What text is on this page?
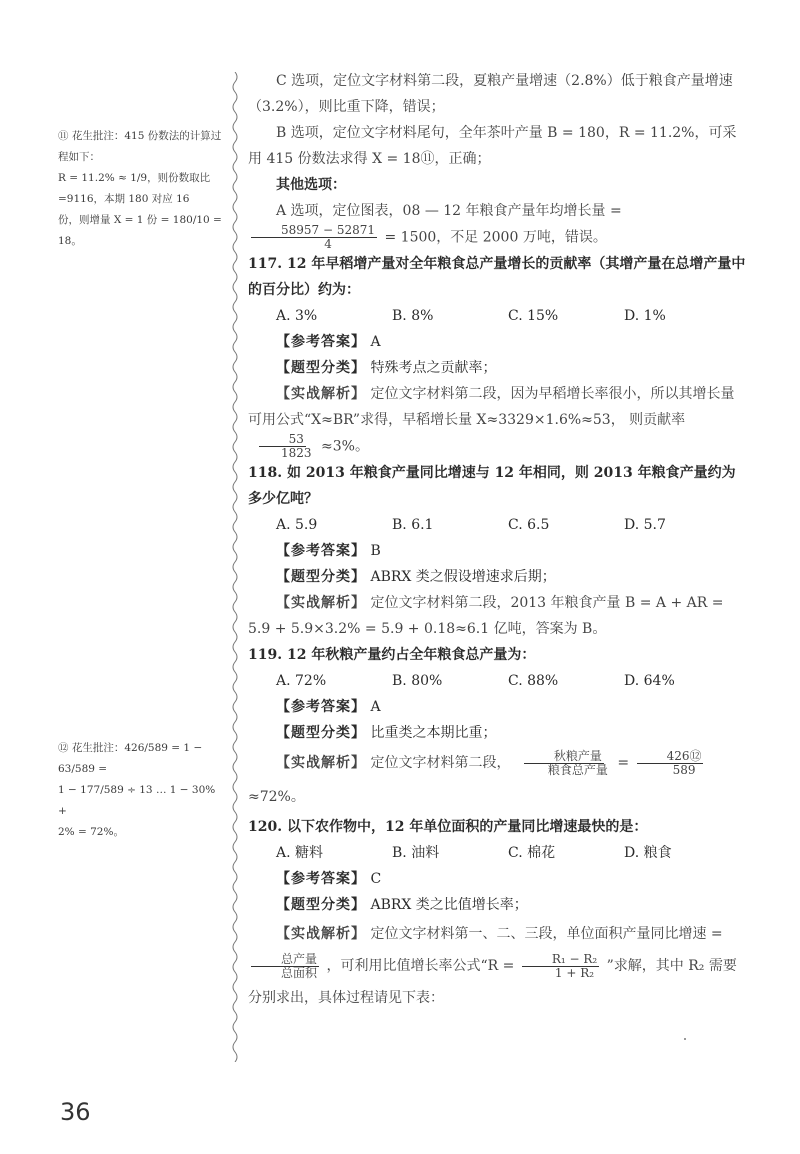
⑪ 花生批注：415 份数法的计算过程如下：
R = 11.2% ≈ 1/9，则份数取比=9116，本期 180 对应 16
份，则增量 X = 1 份 = 180/10 = 18。

⑫ 花生批注：426/589 = 1 − 63/589 =
1 − 177/589 ÷ 13 … 1 − 30% +
2% = 72%。

C 选项，定位文字材料第二段，夏粮产量增速（2.8%）低于粮食产量增速（3.2%），则比重下降，错误；

B 选项，定位文字材料尾句，全年茶叶产量 B = 180，R = 11.2%，可采用 415 份数法求得 X = 18⑪，正确；

其他选项：

A 选项，定位图表，08 — 12 年粮食产量年均增长量 =

$\frac{58957 - 52871}{4} = 1500$，不足 2000 万吨，错误。

117. 12 年早稻增产量对全年粮食总产量增长的贡献率（其增产量在总增产量中的百分比）约为：

A. 3%	B. 8%	C. 15%	D. 1%

【参考答案】 A

【题型分类】 特殊考点之贡献率；

【实战解析】 定位文字材料第二段，因为早稻增长率很小，所以其增长量可用公式“X≈BR”求得，早稻增长量 X≈3329×1.6%≈53， 则贡献率
$\frac{53}{1823} \approx 3\%$。

118. 如 2013 年粮食产量同比增速与 12 年相同，则 2013 年粮食产量约为多少亿吨？

A. 5.9	B. 6.1	C. 6.5	D. 5.7

【参考答案】 B

【题型分类】 ABRX 类之假设增速求后期；

【实战解析】 定位文字材料第二段，2013 年粮食产量 B = A + AR = 5.9 + 5.9×3.2% = 5.9 + 0.18≈6.1 亿吨，答案为 B。

119. 12 年秋粮产量约占全年粮食总产量为：

A. 72%	B. 80%	C. 88%	D. 64%

【参考答案】 A

【题型分类】 比重类之本期比重；

【实战解析】 定位文字材料第二段， $\frac{\text{秋粮产量}}{\text{粮食总产量}} = \frac{\text{426⑫}}{589}$
≈72%。

120. 以下农作物中，12 年单位面积的产量同比增速最快的是：

A. 糖料	B. 油料	C. 棉花	D. 粮食

【参考答案】 C

【题型分类】 ABRX 类之比值增长率；

【实战解析】 定位文字材料第一、二、三段，单位面积产量同比增速 =
$\frac{\text{总产量}}{\text{总面积}}$ ，可利用比值增长率公式“$R = \frac{\text{R₁ − R₂}}{\text{1 + R₂}}$ ”求解，其中 R₂ 需要分别求出，具体过程请见下表：

36
